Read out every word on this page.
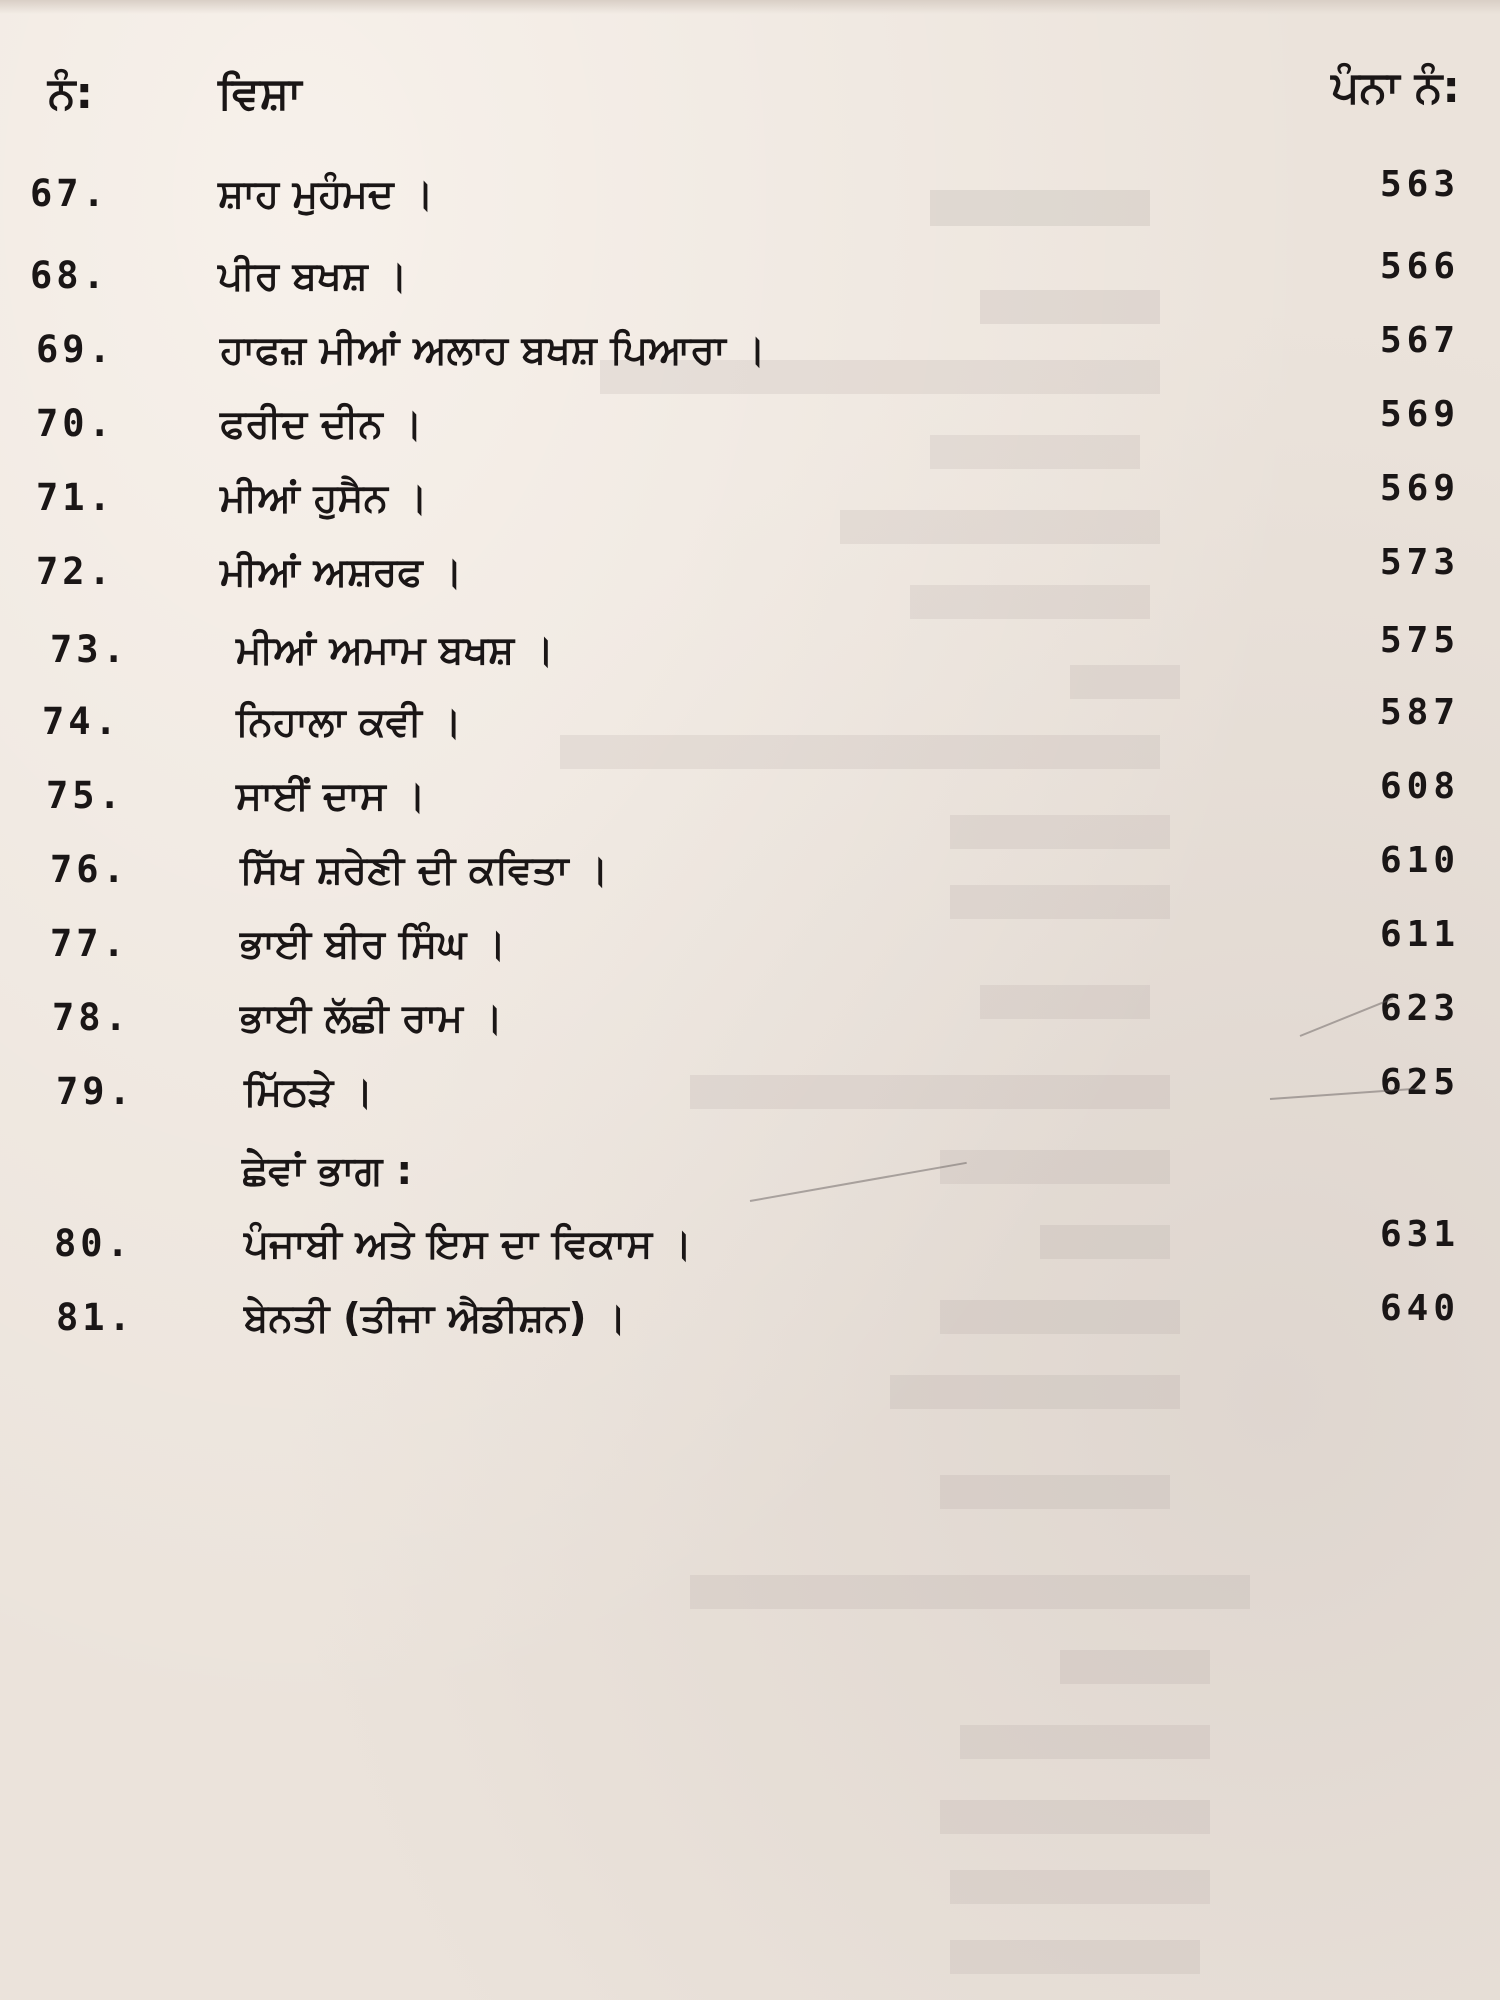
ਨੰ:	ਵਿਸ਼ਾ	ਪੰਨਾ ਨੰ:
67.	ਸ਼ਾਹ ਮੁਹੰਮਦ ।	563
68.	ਪੀਰ ਬਖਸ਼ ।	566
69.	ਹਾਫਜ਼ ਮੀਆਂ ਅਲਾਹ ਬਖਸ਼ ਪਿਆਰਾ ।	567
70.	ਫਰੀਦ ਦੀਨ ।	569
71.	ਮੀਆਂ ਹੁਸੈਨ ।	569
72.	ਮੀਆਂ ਅਸ਼ਰਫ ।	573
73.	ਮੀਆਂ ਅਮਾਮ ਬਖਸ਼ ।	575
74.	ਨਿਹਾਲਾ ਕਵੀ ।	587
75.	ਸਾਈਂ ਦਾਸ ।	608
76.	ਸਿੱਖ ਸ਼ਰੇਣੀ ਦੀ ਕਵਿਤਾ ।	610
77.	ਭਾਈ ਬੀਰ ਸਿੰਘ ।	611
78.	ਭਾਈ ਲੱਛੀ ਰਾਮ ।	623
79.	ਮਿੱਠੜੇ ।	625
ਛੇਵਾਂ ਭਾਗ :
80.	ਪੰਜਾਬੀ ਅਤੇ ਇਸ ਦਾ ਵਿਕਾਸ ।	631
81.	ਬੇਨਤੀ (ਤੀਜਾ ਐਡੀਸ਼ਨ) ।	640
